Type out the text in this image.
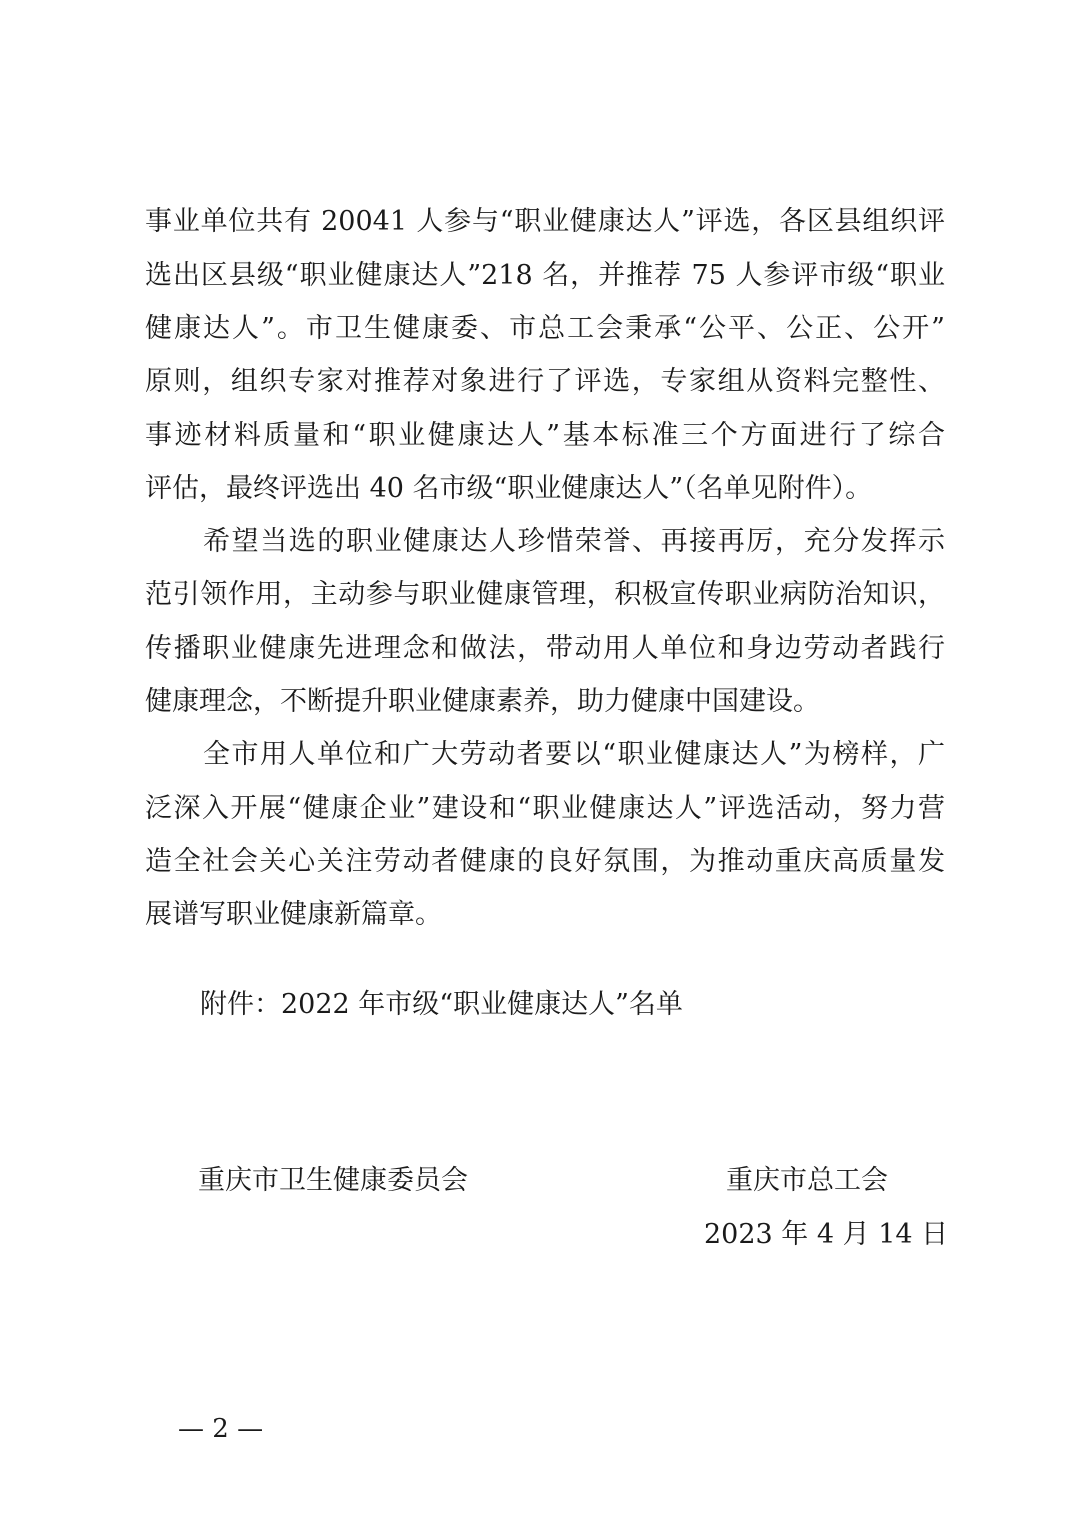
事业单位共有 20041 人参与“职业健康达人”评选，各区县组织评
选出区县级“职业健康达人”218 名，并推荐 75 人参评市级“职业
健康达人”。市卫生健康委、市总工会秉承“公平、公正、公开”
原则，组织专家对推荐对象进行了评选，专家组从资料完整性、
事迹材料质量和“职业健康达人”基本标准三个方面进行了综合
评估，最终评选出 40 名市级“职业健康达人”（名单见附件）。
希望当选的职业健康达人珍惜荣誉、再接再厉，充分发挥示
范引领作用，主动参与职业健康管理，积极宣传职业病防治知识，
传播职业健康先进理念和做法，带动用人单位和身边劳动者践行
健康理念，不断提升职业健康素养，助力健康中国建设。
全市用人单位和广大劳动者要以“职业健康达人”为榜样，广
泛深入开展“健康企业”建设和“职业健康达人”评选活动，努力营
造全社会关心关注劳动者健康的良好氛围，为推动重庆高质量发
展谱写职业健康新篇章。
附件：2022 年市级“职业健康达人”名单
重庆市卫生健康委员会	重庆市总工会
2023 年 4 月 14 日
— 2 —
